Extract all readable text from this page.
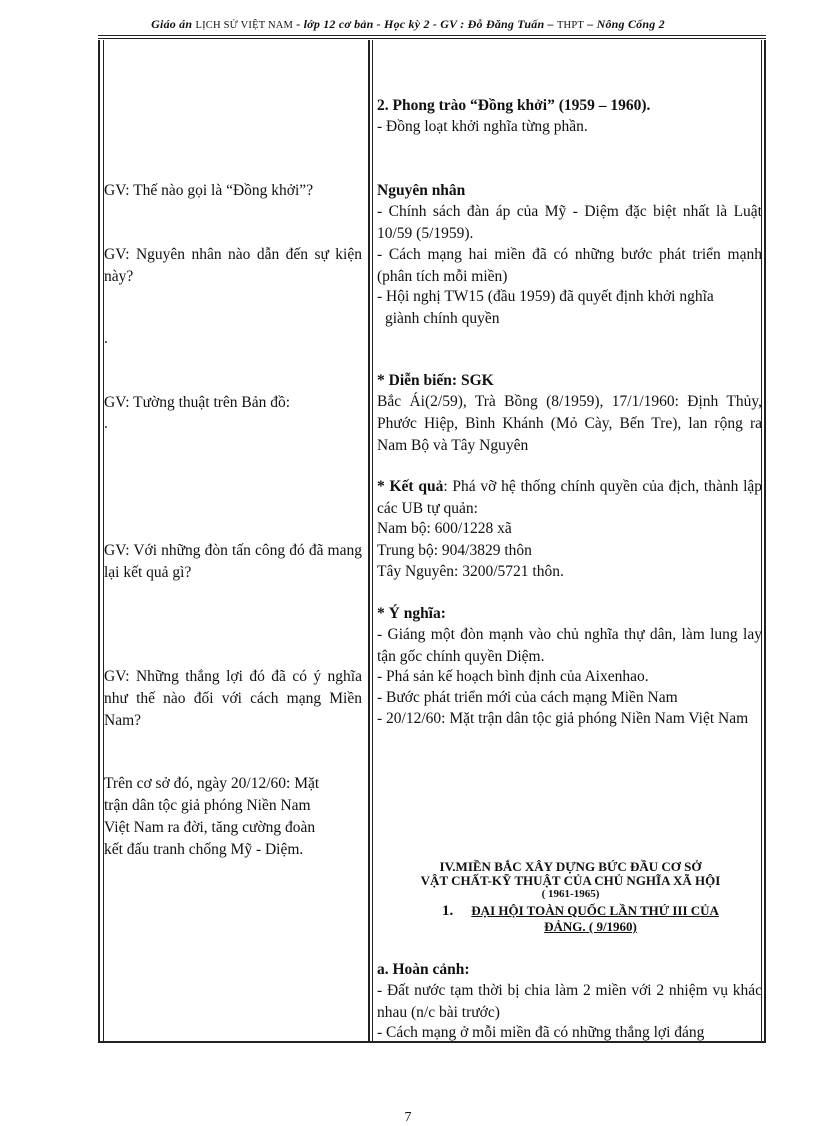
Giáo án LỊCH SỬ VIỆT NAM - lớp 12 cơ bản - Học kỳ 2 - GV : Đỗ Đăng Tuấn – THPT – Nông Cống 2
GV: Thế nào gọi là “Đồng khởi”?
GV: Nguyên nhân nào dẫn đến sự kiện này?
.
GV: Tường thuật trên Bản đồ:
.
GV: Với những đòn tấn công đó đã mang lại kết quả gì?
GV: Những thắng lợi đó đã có ý nghĩa như thế nào đối với cách mạng Miền Nam?
Trên cơ sở đó, ngày 20/12/60: Mặt
trận dân tộc giả phóng Niền Nam
Việt Nam ra đời, tăng cường đoàn
kết đấu tranh chống Mỹ - Diệm.
2. Phong trào “Đồng khởi” (1959 – 1960).
- Đồng loạt khởi nghĩa từng phần.
Nguyên nhân
- Chính sách đàn áp của Mỹ - Diệm đặc biệt nhất là Luật 10/59 (5/1959).
- Cách mạng hai miền đã có những bước phát triển mạnh (phân tích mỗi miền)
- Hội nghị TW15 (đầu 1959) đã quyết định khởi nghĩa
giành chính quyền
* Diễn biến: SGK
Bắc Ái(2/59), Trà Bồng (8/1959), 17/1/1960: Định Thủy, Phước Hiệp, Bình Khánh (Mỏ Cày, Bến Tre), lan rộng ra Nam Bộ và Tây Nguyên
* Kết quả: Phá vỡ hệ thống chính quyền của địch, thành lập các UB tự quản:
Nam bộ: 600/1228 xã
Trung bộ: 904/3829 thôn
Tây Nguyên: 3200/5721 thôn.
* Ý nghĩa:
- Giáng một đòn mạnh vào chủ nghĩa thự dân, làm lung lay tận gốc chính quyền Diệm.
- Phá sản kế hoạch bình định của Aixenhao.
- Bước phát triển mới của cách mạng Miền Nam
- 20/12/60: Mặt trận dân tộc giả phóng Niền Nam Việt Nam
IV.MIỀN BẮC XÂY DỰNG BỨC ĐẦU CƠ SỞ
VẬT CHẤT-KỸ THUẬT CỦA CHỦ NGHĨA XÃ HỘI
( 1961-1965)
1. ĐẠI HỘI TOÀN QUỐC LẦN THỨ III CỦA
ĐẢNG. ( 9/1960)
a. Hoàn cảnh:
- Đất nước tạm thời bị chia làm 2 miền với 2 nhiệm vụ khác nhau (n/c bài trước)
- Cách mạng ở mỗi miền đã có những thắng lợi đáng
7
